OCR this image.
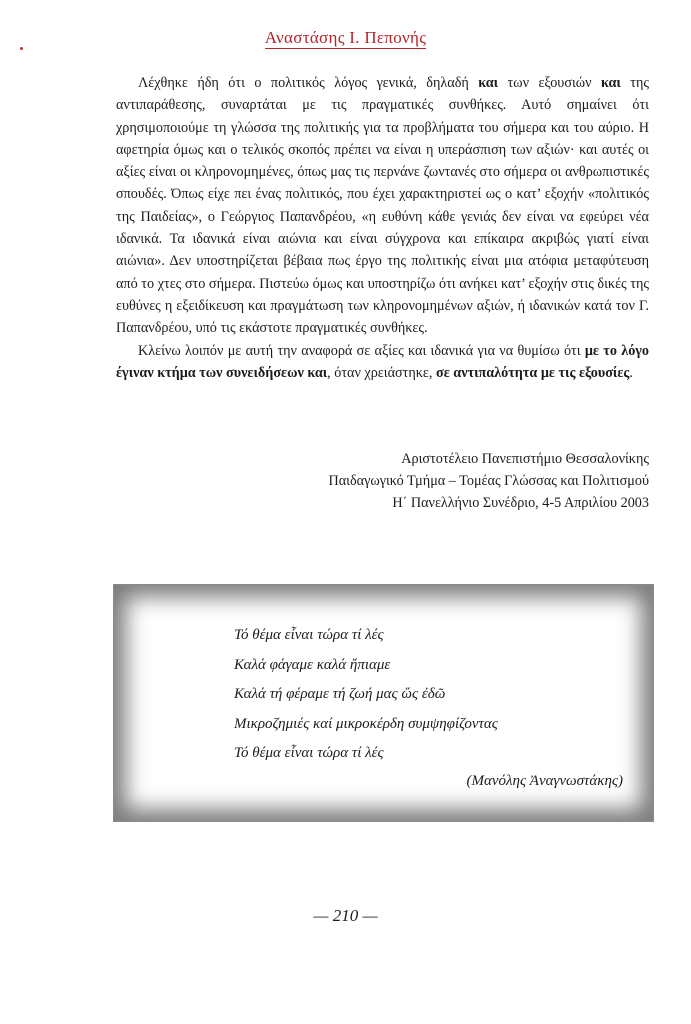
Αναστάσης Ι. Πεπονής

Λέχθηκε ήδη ότι ο πολιτικός λόγος γενικά, δηλαδή και των εξουσιών και της αντιπαράθεσης, συναρτάται με τις πραγματικές συνθήκες. Αυτό σημαίνει ότι χρησιμοποιούμε τη γλώσσα της πολιτικής για τα προβλήματα του σήμερα και του αύριο. Η αφετηρία όμως και ο τελικός σκοπός πρέπει να είναι η υπεράσπιση των αξιών· και αυτές οι αξίες είναι οι κληρονομημένες, όπως μας τις περνάνε ζωντανές στο σήμερα οι ανθρωπιστικές σπουδές. Όπως είχε πει ένας πολιτικός, που έχει χαρακτηριστεί ως ο κατ’ εξοχήν «πολιτικός της Παιδείας», ο Γεώργιος Παπανδρέου, «η ευθύνη κάθε γενιάς δεν είναι να εφεύρει νέα ιδανικά. Τα ιδανικά είναι αιώνια και είναι σύγχρονα και επίκαιρα ακριβώς γιατί είναι αιώνια». Δεν υποστηρίζεται βέβαια πως έργο της πολιτικής είναι μια ατόφια μεταφύτευση από το χτες στο σήμερα. Πιστεύω όμως και υποστηρίζω ότι ανήκει κατ’ εξοχήν στις δικές της ευθύνες η εξειδίκευση και πραγμάτωση των κληρονομημένων αξιών, ή ιδανικών κατά τον Γ. Παπανδρέου, υπό τις εκάστοτε πραγματικές συνθήκες.

Κλείνω λοιπόν με αυτή την αναφορά σε αξίες και ιδανικά για να θυμίσω ότι με το λόγο έγιναν κτήμα των συνειδήσεων και, όταν χρειάστηκε, σε αντιπαλότητα με τις εξουσίες.

Αριστοτέλειο Πανεπιστήμιο Θεσσαλονίκης
Παιδαγωγικό Τμήμα – Τομέας Γλώσσας και Πολιτισμού
Η΄ Πανελλήνιο Συνέδριο, 4-5 Απριλίου 2003
Τό θέμα εἶναι τώρα τί λές
Καλά φάγαμε καλά ἤπιαμε
Καλά τή φέραμε τή ζωή μας ὥς ἐδῶ
Μικροζημιές καί μικροκέρδη συμψηφίζοντας
Τό θέμα εἶναι τώρα τί λές
(Μανόλης Ἀναγνωστάκης)
— 210 —
